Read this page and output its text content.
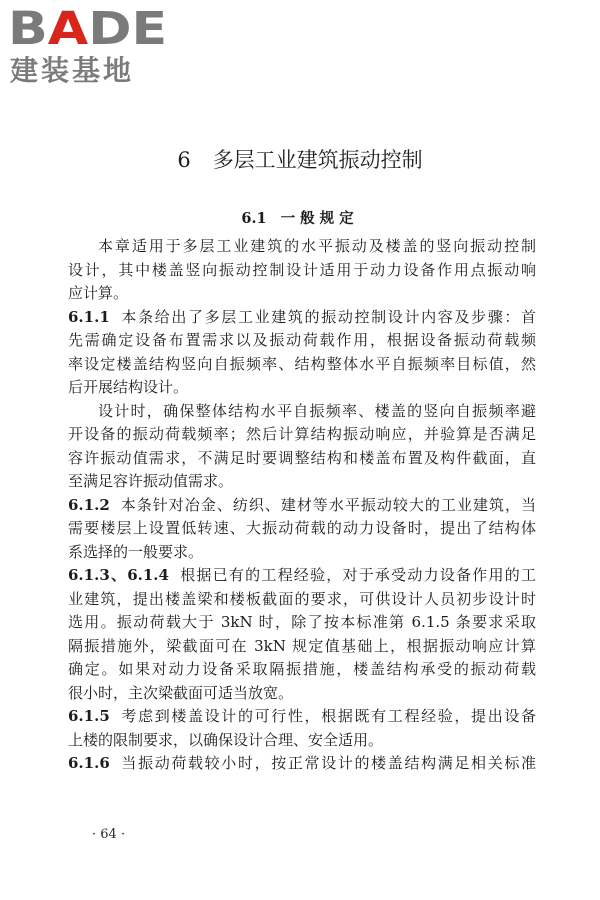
BADE
建装基地
6 多层工业建筑振动控制
6.1 一般规定
本章适用于多层工业建筑的水平振动及楼盖的竖向振动控制
设计，其中楼盖竖向振动控制设计适用于动力设备作用点振动响
应计算。
6.1.1 本条给出了多层工业建筑的振动控制设计内容及步骤：首
先需确定设备布置需求以及振动荷载作用，根据设备振动荷载频
率设定楼盖结构竖向自振频率、结构整体水平自振频率目标值，然
后开展结构设计。
设计时，确保整体结构水平自振频率、楼盖的竖向自振频率避
开设备的振动荷载频率；然后计算结构振动响应，并验算是否满足
容许振动值需求，不满足时要调整结构和楼盖布置及构件截面，直
至满足容许振动值需求。
6.1.2 本条针对冶金、纺织、建材等水平振动较大的工业建筑，当
需要楼层上设置低转速、大振动荷载的动力设备时，提出了结构体
系选择的一般要求。
6.1.3、6.1.4 根据已有的工程经验，对于承受动力设备作用的工
业建筑，提出楼盖梁和楼板截面的要求，可供设计人员初步设计时
选用。振动荷载大于 3kN 时，除了按本标准第 6.1.5 条要求采取
隔振措施外，梁截面可在 3kN 规定值基础上，根据振动响应计算
确定。如果对动力设备采取隔振措施，楼盖结构承受的振动荷载
很小时，主次梁截面可适当放宽。
6.1.5 考虑到楼盖设计的可行性，根据既有工程经验，提出设备
上楼的限制要求，以确保设计合理、安全适用。
6.1.6 当振动荷载较小时，按正常设计的楼盖结构满足相关标准
· 64 ·
